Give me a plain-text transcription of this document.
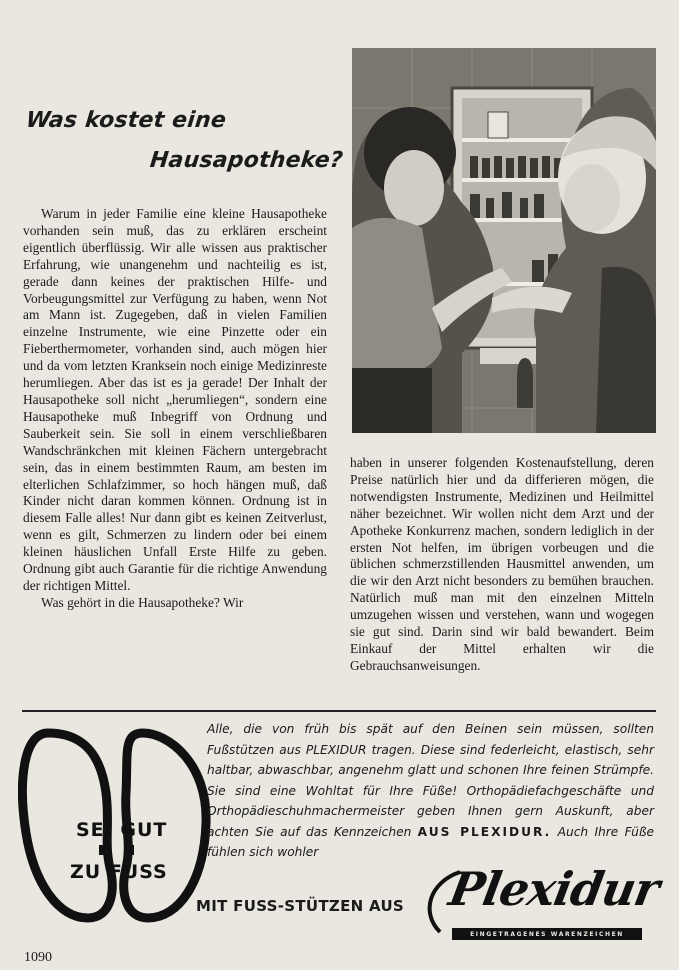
Was kostet eine
Hausapotheke?

Warum in jeder Familie eine kleine Hausapotheke vorhanden sein muß, das zu erklären erscheint eigentlich überflüssig. Wir alle wissen aus praktischer Erfahrung, wie unangenehm und nachteilig es ist, gerade dann keines der praktischen Hilfe- und Vorbeugungsmittel zur Verfügung zu haben, wenn Not am Mann ist. Zugegeben, daß in vielen Familien einzelne Instrumente, wie eine Pinzette oder ein Fieberthermometer, vorhanden sind, auch mögen hier und da vom letzten Kranksein noch einige Medizinreste herumliegen. Aber das ist es ja gerade! Der Inhalt der Hausapotheke soll nicht „herumliegen“, sondern eine Hausapotheke muß Inbegriff von Ordnung und Sauberkeit sein. Sie soll in einem verschließbaren Wandschränkchen mit kleinen Fächern untergebracht sein, das in einem bestimmten Raum, am besten im elterlichen Schlafzimmer, so hoch hängen muß, daß Kinder nicht daran kommen können. Ordnung ist in diesem Falle alles! Nur dann gibt es keinen Zeitverlust, wenn es gilt, Schmerzen zu lindern oder bei einem kleinen häuslichen Unfall Erste Hilfe zu geben. Ordnung gibt auch Garantie für die richtige Anwendung der richtigen Mittel.

Was gehört in die Hausapotheke? Wir

haben in unserer folgenden Kostenaufstellung, deren Preise natürlich hier und da differieren mögen, die notwendigsten Instrumente, Medizinen und Heilmittel näher bezeichnet. Wir wollen nicht dem Arzt und der Apotheke Konkurrenz machen, sondern lediglich in der ersten Not helfen, im übrigen vorbeugen und die üblichen schmerzstillenden Hausmittel anwenden, um die wir den Arzt nicht besonders zu bemühen brauchen. Natürlich muß man mit den einzelnen Mitteln umzugehen wissen und verstehen, wann und wogegen sie gut sind. Darin sind wir bald bewandert. Beim Einkauf der Mittel erhalten wir die Gebrauchsanweisungen.

SEI GUT
ZU FUSS
Alle, die von früh bis spät auf den Beinen sein müssen, sollten Fußstützen aus PLEXIDUR tragen. Diese sind federleicht, elastisch, sehr haltbar, abwaschbar, angenehm glatt und schonen Ihre feinen Strümpfe. Sie sind eine Wohltat für Ihre Füße! Orthopädiefachgeschäfte und Orthopädieschuhmachermeister geben Ihnen gern Auskunft, aber achten Sie auf das Kennzeichen AUS PLEXIDUR. Auch Ihre Füße fühlen sich wohler
MIT FUSS-STÜTZEN AUS Plexidur
EINGETRAGENES WARENZEICHEN
1090
